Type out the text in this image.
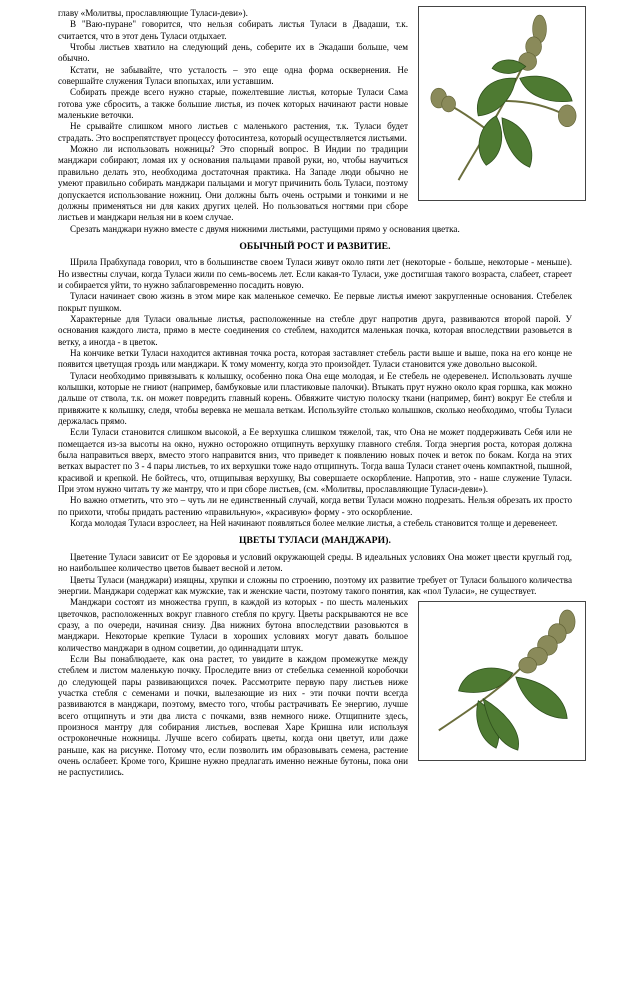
главу «Молитвы, прославляющие Туласи-деви»).

В "Ваю-пуране" говорится, что нельзя собирать листья Туласи в Двадаши, т.к. считается, что в этот день Туласи отдыхает.

Чтобы листьев хватило на следующий день, соберите их в Экадаши больше, чем обычно.

Кстати, не забывайте, что усталость – это еще одна форма осквернения. Не совершайте служения Туласи впопыхах, или уставшим.

Собирать прежде всего нужно старые, пожелтевшие листья, которые Туласи Сама готова уже сбросить, а также большие листья, из почек которых начинают расти новые маленькие веточки.

Не срывайте слишком много листьев с маленького растения, т.к. Туласи будет страдать. Это воспрепятствует процессу фотосинтеза, который осуществляется листьями.

Можно ли использовать ножницы? Это спорный вопрос. В Индии по традиции манджари собирают, ломая их у основания пальцами правой руки, но, чтобы научиться правильно делать это, необходима достаточная практика. На Западе люди обычно не умеют правильно собирать манджари пальцами и могут причинить боль Туласи, поэтому допускается использование ножниц. Они должны быть очень острыми и тонкими и не должны применяться ни для каких других целей. Но пользоваться ногтями при сборе листьев и манджари нельзя ни в коем случае.

Срезать манджари нужно вместе с двумя нижними листьями, растущими прямо у основания цветка.

ОБЫЧНЫЙ РОСТ И РАЗВИТИЕ.

Шрила Прабхупада говорил, что в большинстве своем Туласи живут около пяти лет (некоторые - больше, некоторые - меньше). Но известны случаи, когда Туласи жили по семь-восемь лет. Если какая-то Туласи, уже достигшая такого возраста, слабеет, стареет и собирается уйти, то нужно заблаговременно посадить новую.

Туласи начинает свою жизнь в этом мире как маленькое семечко. Ее первые листья имеют закругленные основания. Стебелек покрыт пушком.

Характерные для Туласи овальные листья, расположенные на стебле друг напротив друга, развиваются второй парой. У основания каждого листа, прямо в месте соединения со стеблем, находится маленькая почка, которая впоследствии разовьется в ветку, а иногда - в цветок.

На кончике ветки Туласи находится активная точка роста, которая заставляет стебель расти выше и выше, пока на его конце не появится цветущая гроздь или манджари. К тому моменту, когда это произойдет. Туласи становится уже довольно высокой.

Туласи необходимо привязывать к колышку, особенно пока Она еще молодая, и Ее стебель не одеревенел. Использовать лучше колышки, которые не гниют (например, бамбуковые или пластиковые палочки). Втыкать прут нужно около края горшка, как можно дальше от ствола, т.к. он может повредить главный корень. Обвяжите чистую полоску ткани (например, бинт) вокруг Ее стебля и привяжите к колышку, следя, чтобы веревка не мешала веткам. Используйте столько колышков, сколько необходимо, чтобы Туласи держалась прямо.

Если Туласи становится слишком высокой, а Ее верхушка слишком тяжелой, так, что Она не может поддерживать Себя или не помещается из-за высоты на окно, нужно осторожно отщипнуть верхушку главного стебля. Тогда энергия роста, которая должна была направиться вверх, вместо этого направится вниз, что приведет к появлению новых почек и веток по бокам. Когда на этих ветках вырастет по 3 - 4 пары листьев, то их верхушки тоже надо отщипнуть. Тогда ваша Туласи станет очень компактной, пышной, красивой и крепкой. Не бойтесь, что, отщипывая верхушку, Вы совершаете оскорбление. Напротив, это - наше служение Туласи. При этом нужно читать ту же мантру, что и при сборе листьев, (см. «Молитвы, прославляющие Туласи-деви»).

Но важно отметить, что это – чуть ли не единственный случай, когда ветви Туласи можно подрезать. Нельзя обрезать их просто по прихоти, чтобы придать растению «правильную», «красивую» форму - это оскорбление.

Когда молодая Туласи взрослеет, на Ней начинают появляться более мелкие листья, а стебель становится толще и деревенеет.

ЦВЕТЫ ТУЛАСИ (МАНДЖАРИ).

Цветение Туласи зависит от Ее здоровья и условий окружающей среды. В идеальных условиях Она может цвести круглый год, но наибольшее количество цветов бывает весной и летом.

Цветы Туласи (манджари) изящны, хрупки и сложны по строению, поэтому их развитие требует от Туласи большого количества энергии. Манджари содержат как мужские, так и женские части, поэтому такого понятия, как «пол Туласи», не существует.

Манджари состоят из множества групп, в каждой из которых - по шесть маленьких цветочков, расположенных вокруг главного стебля по кругу. Цветы раскрываются не все сразу, а по очереди, начиная снизу. Два нижних бутона впоследствии разовьются в манджари. Некоторые крепкие Туласи в хороших условиях могут давать большое количество манджари в одном соцветии, до одиннадцати штук.

Если Вы понаблюдаете, как она растет, то увидите в каждом промежутке между стеблем и листом маленькую почку. Проследите вниз от стебелька семенной коробочки до следующей пары развивающихся почек. Рассмотрите первую пару листьев ниже участка стебля с семенами и почки, вылезающие из них - эти почки почти всегда развиваются в манджари, поэтому, вместо того, чтобы растрачивать Ее энергию, лучше всего отщипнуть и эти два листа с почками, взяв немного ниже. Отщипните здесь, произнося мантру для собирания листьев, воспевая Харе Кришна или используя остроконечные ножницы. Лучше всего собирать цветы, когда они цветут, или даже раньше, как на рисунке. Потому что, если позволить им образовывать семена, растение очень ослабеет. Кроме того, Кришне нужно предлагать именно нежные бутоны, пока они не распустились.
